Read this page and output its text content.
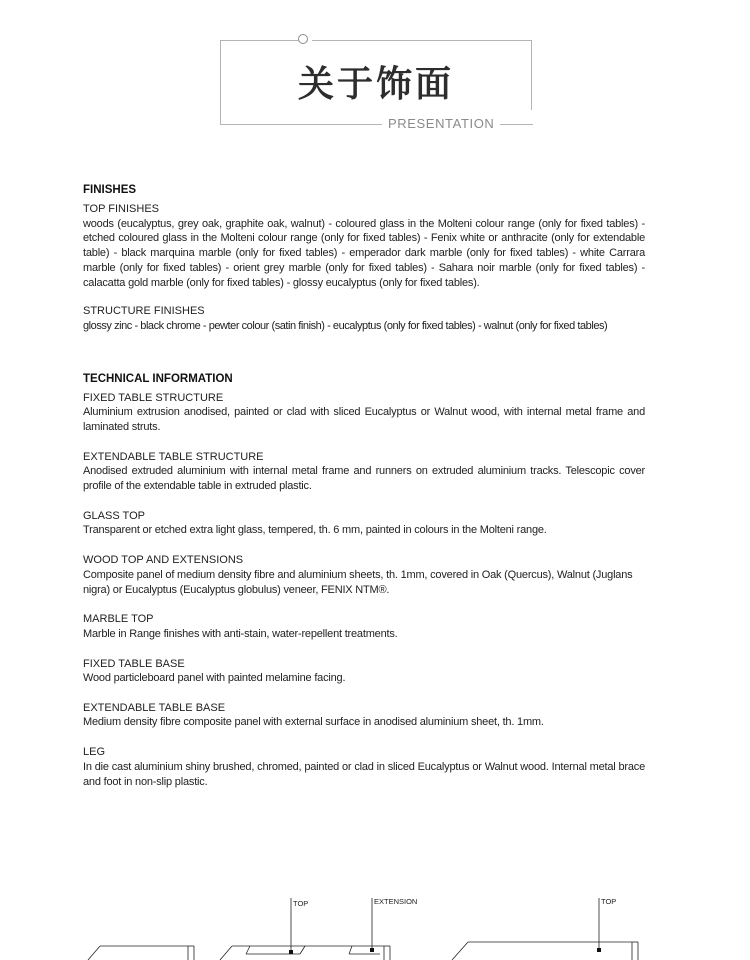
关于饰面
PRESENTATION
FINISHES
TOP FINISHES
woods (eucalyptus, grey oak, graphite oak, walnut) - coloured glass in the Molteni colour range (only for fixed tables) - etched coloured glass in the Molteni colour range (only for fixed tables) - Fenix white or anthracite (only for extendable table) - black marquina marble (only for fixed tables) - emperador dark marble (only for fixed tables) - white Carrara marble (only for fixed tables) - orient grey marble (only for fixed tables) - Sahara noir marble (only for fixed tables) - calacatta gold marble (only for fixed tables) - glossy eucalyptus (only for fixed tables).
STRUCTURE FINISHES
glossy zinc - black chrome - pewter colour (satin finish) - eucalyptus (only for fixed tables) - walnut (only for fixed tables)
TECHNICAL INFORMATION
FIXED TABLE STRUCTURE
Aluminium extrusion anodised, painted or clad with sliced Eucalyptus or Walnut wood, with internal metal frame and laminated struts.
EXTENDABLE TABLE STRUCTURE
Anodised extruded aluminium with internal metal frame and runners on extruded aluminium tracks. Telescopic cover profile of the extendable table in extruded plastic.
GLASS TOP
Transparent or etched extra light glass, tempered, th. 6 mm, painted in colours in the Molteni range.
WOOD TOP AND EXTENSIONS
Composite panel of medium density fibre and aluminium sheets, th. 1mm, covered in Oak (Quercus), Walnut (Juglans nigra) or Eucalyptus (Eucalyptus globulus) veneer, FENIX NTM®.
MARBLE TOP
Marble in Range finishes with anti-stain, water-repellent treatments.
FIXED TABLE BASE
Wood particleboard panel with painted melamine facing.
EXTENDABLE TABLE BASE
Medium density fibre composite panel with external surface in anodised aluminium sheet, th. 1mm.
LEG
In die cast aluminium shiny brushed, chromed, painted or clad in sliced Eucalyptus or Walnut wood. Internal metal brace and foot in non-slip plastic.
TOP	EXTENSION	TOP
